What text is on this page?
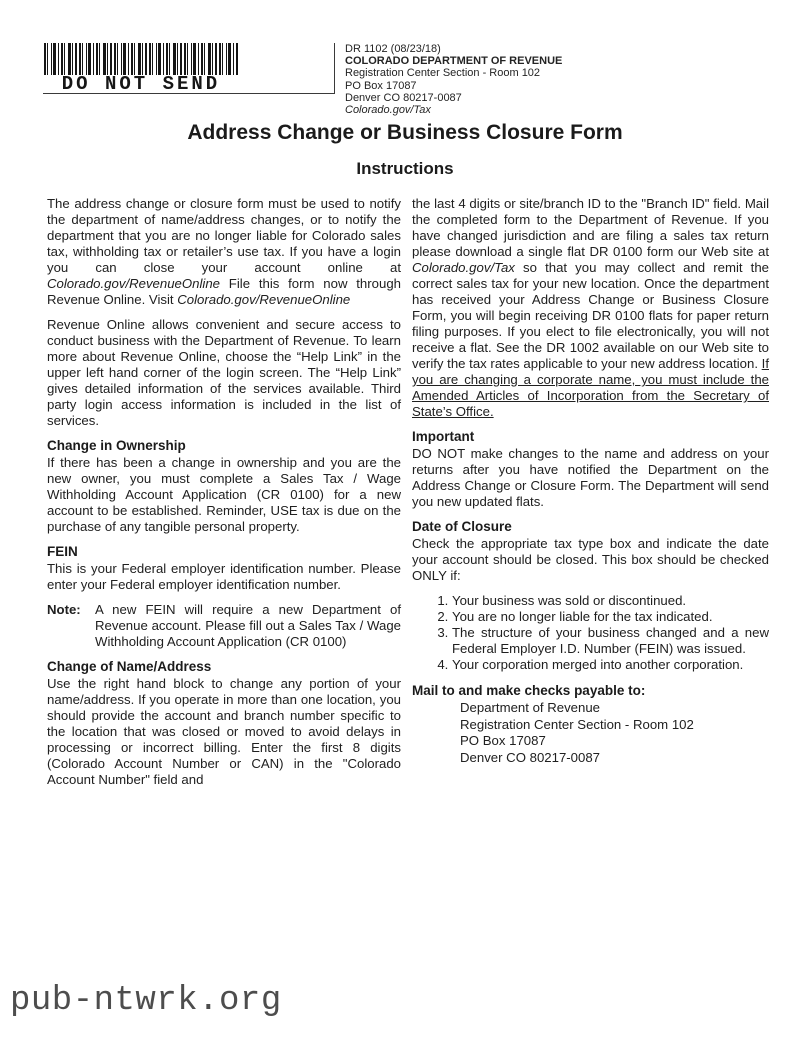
DO NOT SEND
DR 1102 (08/23/18)
COLORADO DEPARTMENT OF REVENUE
Registration Center Section - Room 102
PO Box 17087
Denver CO 80217-0087
Colorado.gov/Tax
Address Change or Business Closure Form
Instructions

The address change or closure form must be used to notify the department of name/address changes, or to notify the department that you are no longer liable for Colorado sales tax, withholding tax or retailer’s use tax. If you have a login you can close your account online at Colorado.gov/RevenueOnline File this form now through Revenue Online. Visit Colorado.gov/RevenueOnline

Revenue Online allows convenient and secure access to conduct business with the Department of Revenue. To learn more about Revenue Online, choose the “Help Link” in the upper left hand corner of the login screen. The “Help Link” gives detailed information of the services available. Third party login access information is included in the list of services.

Change in Ownership

If there has been a change in ownership and you are the new owner, you must complete a Sales Tax / Wage Withholding Account Application (CR 0100) for a new account to be established. Reminder, USE tax is due on the purchase of any tangible personal property.

FEIN

This is your Federal employer identification number. Please enter your Federal employer identification number.

Note:	A new FEIN will require a new Department of Revenue account. Please fill out a Sales Tax / Wage Withholding Account Application (CR 0100)
Change of Name/Address

Use the right hand block to change any portion of your name/address. If you operate in more than one location, you should provide the account and branch number specific to the location that was closed or moved to avoid delays in processing or incorrect billing. Enter the first 8 digits (Colorado Account Number or CAN) in the "Colorado Account Number" field and

the last 4 digits or site/branch ID to the "Branch ID" field. Mail the completed form to the Department of Revenue. If you have changed jurisdiction and are filing a sales tax return please download a single flat DR 0100 form our Web site at Colorado.gov/Tax so that you may collect and remit the correct sales tax for your new location. Once the department has received your Address Change or Business Closure Form, you will begin receiving DR 0100 flats for paper return filing purposes. If you elect to file electronically, you will not receive a flat. See the DR 1002 available on our Web site to verify the tax rates applicable to your new address location. If you are changing a corporate name, you must include the Amended Articles of Incorporation from the Secretary of State’s Office.

Important

DO NOT make changes to the name and address on your returns after you have notified the Department on the Address Change or Closure Form. The Department will send you new updated flats.

Date of Closure

Check the appropriate tax type box and indicate the date your account should be closed. This box should be checked ONLY if:

1. Your business was sold or discontinued.
2. You are no longer liable for the tax indicated.
3. The structure of your business changed and a new Federal Employer I.D. Number (FEIN) was issued.
4. Your corporation merged into another corporation.
Mail to and make checks payable to:
Department of Revenue
Registration Center Section - Room 102
PO Box 17087
Denver CO 80217-0087
pub-ntwrk.org
